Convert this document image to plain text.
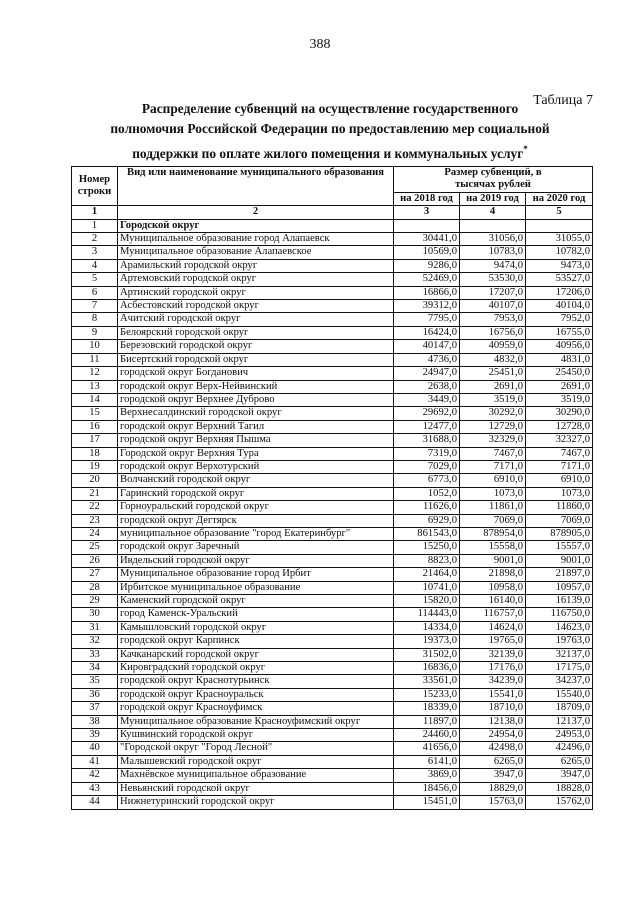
388
Таблица 7
Распределение субвенций на осуществление государственного
полномочия Российской Федерации по предоставлению мер социальной
поддержки по оплате жилого помещения и коммунальных услуг*
Номер строки	Вид или наименование муниципального образования	Размер субвенций, в тысячах рублей		
		на 2018 год	на 2019 год	на 2020 год
1	2	3	4	5
1	Городской округ			
2	Муниципальное образование город Алапаевск	30441,0	31056,0	31055,0
3	Муниципальное образование Алапаевское	10569,0	10783,0	10782,0
4	Арамильский городской округ	9286,0	9474,0	9473,0
5	Артемовский городской округ	52469,0	53530,0	53527,0
6	Артинский городской округ	16866,0	17207,0	17206,0
7	Асбестовский городской округ	39312,0	40107,0	40104,0
8	Ачитский городской округ	7795,0	7953,0	7952,0
9	Белоярский городской округ	16424,0	16756,0	16755,0
10	Березовский городской округ	40147,0	40959,0	40956,0
11	Бисертский городской округ	4736,0	4832,0	4831,0
12	городской округ Богданович	24947,0	25451,0	25450,0
13	городской округ Верх-Нейвинский	2638,0	2691,0	2691,0
14	городской округ Верхнее Дуброво	3449,0	3519,0	3519,0
15	Верхнесалдинский городской округ	29692,0	30292,0	30290,0
16	городской округ Верхний Тагил	12477,0	12729,0	12728,0
17	городской округ Верхняя Пышма	31688,0	32329,0	32327,0
18	Городской округ Верхняя Тура	7319,0	7467,0	7467,0
19	городской округ Верхотурский	7029,0	7171,0	7171,0
20	Волчанский городской округ	6773,0	6910,0	6910,0
21	Гаринский городской округ	1052,0	1073,0	1073,0
22	Горноуральский городской округ	11626,0	11861,0	11860,0
23	городской округ Дегтярск	6929,0	7069,0	7069,0
24	муниципальное образование "город Екатеринбург"	861543,0	878954,0	878905,0
25	городской округ Заречный	15250,0	15558,0	15557,0
26	Ивдельский городской округ	8823,0	9001,0	9001,0
27	Муниципальное образование город Ирбит	21464,0	21898,0	21897,0
28	Ирбитское муниципальное образование	10741,0	10958,0	10957,0
29	Каменский городской округ	15820,0	16140,0	16139,0
30	город Каменск-Уральский	114443,0	116757,0	116750,0
31	Камышловский городской округ	14334,0	14624,0	14623,0
32	городской округ Карпинск	19373,0	19765,0	19763,0
33	Качканарский городской округ	31502,0	32139,0	32137,0
34	Кировградский городской округ	16836,0	17176,0	17175,0
35	городской округ Краснотурьинск	33561,0	34239,0	34237,0
36	городской округ Красноуральск	15233,0	15541,0	15540,0
37	городской округ Красноуфимск	18339,0	18710,0	18709,0
38	Муниципальное образование Красноуфимский округ	11897,0	12138,0	12137,0
39	Кушвинский городской округ	24460,0	24954,0	24953,0
40	"Городской округ "Город Лесной"	41656,0	42498,0	42496,0
41	Малышевский городской округ	6141,0	6265,0	6265,0
42	Махнёвское муниципальное образование	3869,0	3947,0	3947,0
43	Невьянский городской округ	18456,0	18829,0	18828,0
44	Нижнетуринский городской округ	15451,0	15763,0	15762,0
